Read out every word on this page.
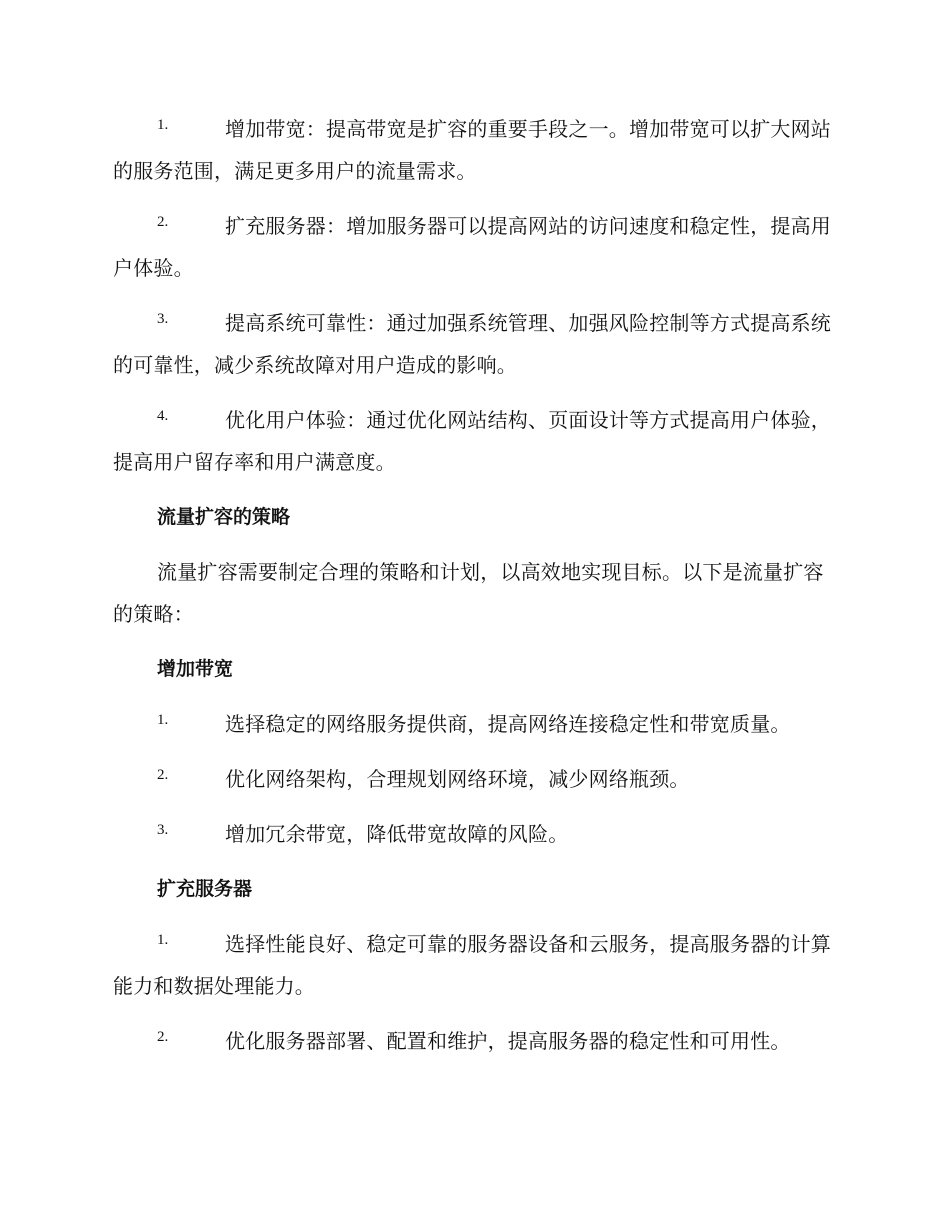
1.	增加带宽：提高带宽是扩容的重要手段之一。增加带宽可以扩大网站的服务范围，满足更多用户的流量需求。
2.	扩充服务器：增加服务器可以提高网站的访问速度和稳定性，提高用户体验。
3.	提高系统可靠性：通过加强系统管理、加强风险控制等方式提高系统的可靠性，减少系统故障对用户造成的影响。
4.	优化用户体验：通过优化网站结构、页面设计等方式提高用户体验，提高用户留存率和用户满意度。
流量扩容的策略
流量扩容需要制定合理的策略和计划，以高效地实现目标。以下是流量扩容的策略：
增加带宽
1.	选择稳定的网络服务提供商，提高网络连接稳定性和带宽质量。
2.	优化网络架构，合理规划网络环境，减少网络瓶颈。
3.	增加冗余带宽，降低带宽故障的风险。
扩充服务器
1.	选择性能良好、稳定可靠的服务器设备和云服务，提高服务器的计算能力和数据处理能力。
2.	优化服务器部署、配置和维护，提高服务器的稳定性和可用性。
